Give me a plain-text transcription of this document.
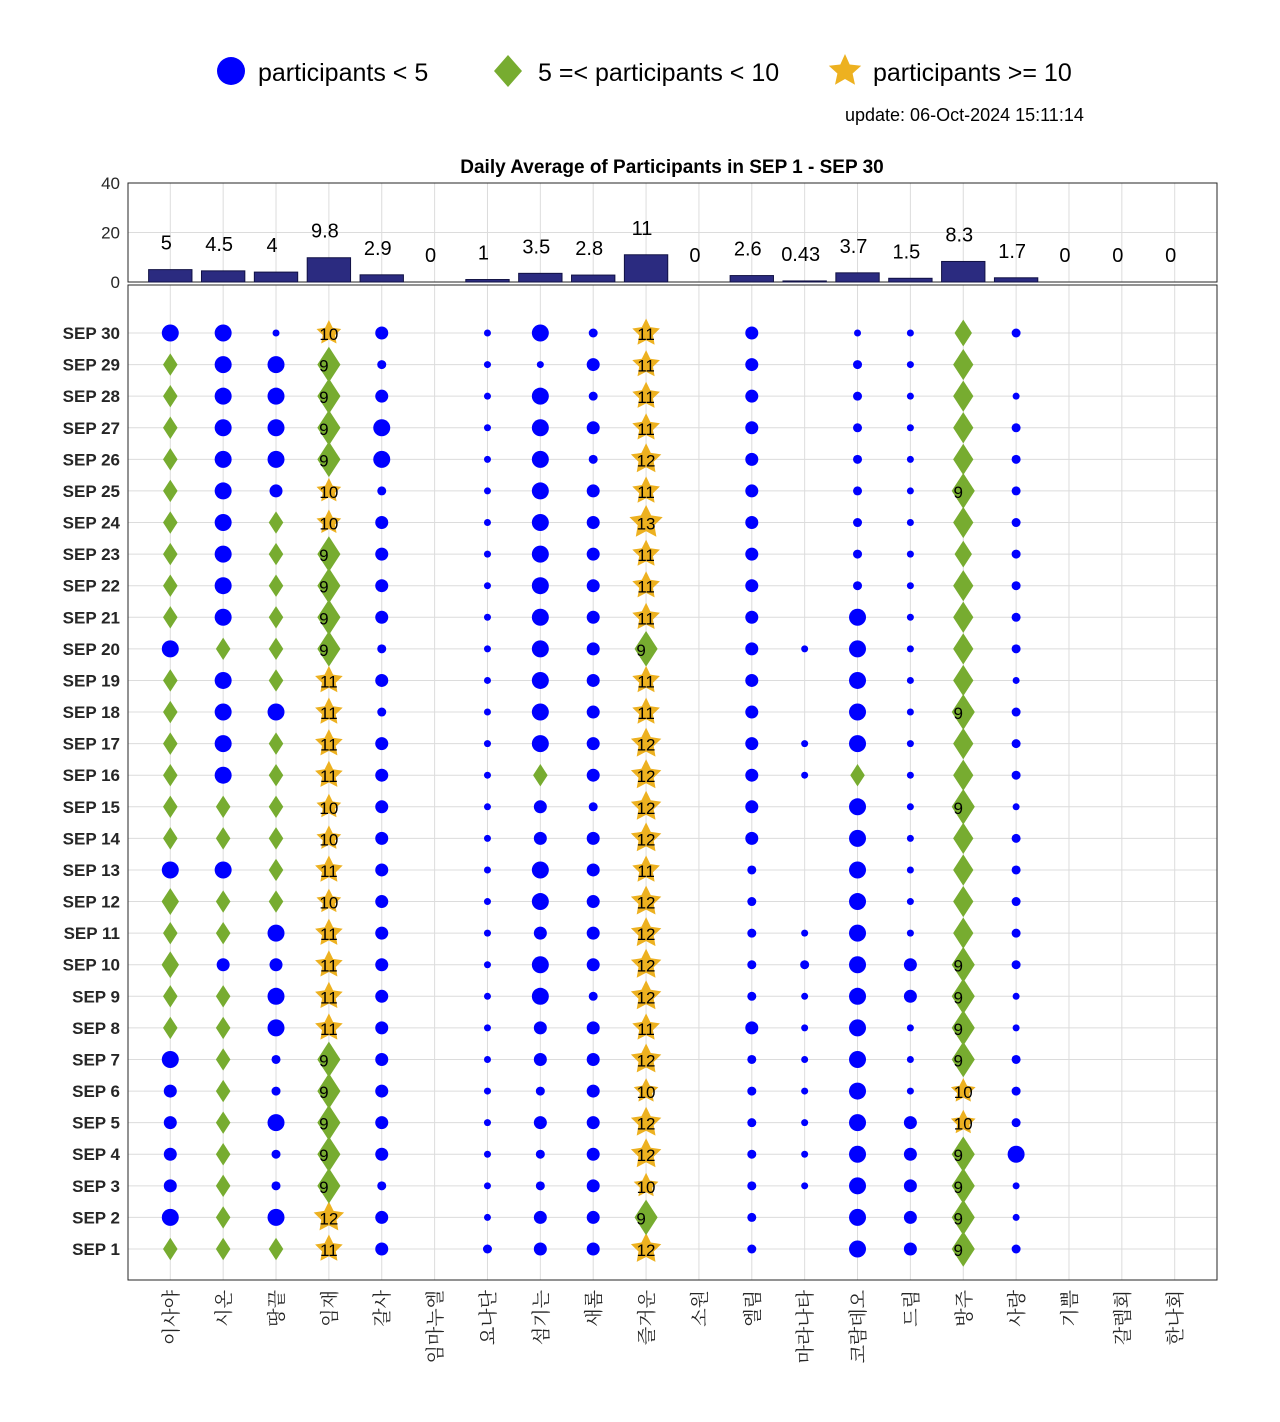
participants < 5	5 =< participants < 10	participants >= 10
update: 06-Oct-2024 15:11:14
Daily Average of Participants in SEP 1 - SEP 30
0
20
40
5 4.5 4
9.8
2.9 0 1 3.5 2.8
11
0 2.6 0.43 3.7 1.5
8.3
1.7 0 0 0
SEP 1
SEP 2
SEP 3
SEP 4
SEP 5
SEP 6
SEP 7
SEP 8
SEP 9
SEP 10
SEP 11
SEP 12
SEP 13
SEP 14
SEP 15
SEP 16
SEP 17
SEP 18
SEP 19
SEP 20
SEP 21
SEP 22
SEP 23
SEP 24
SEP 25
SEP 26
SEP 27
SEP 28
SEP 29
SEP 30
이사야 시온 땅끝 임재 갈사 임마누엘 요나단 섬기는 새롬 즐거운 소원 엘림 마라나타 코람데오 드림 방주 사랑 기쁨 갈렙회 한나회
11
12
9
9
9
9
9
11
11
11
11
10
11
10
10
11
11
11
11
9
9
9
9
10
10
9
9
9
9
10
12
9
10
12
12
10
12
11
12
12
12
12
11
12
12
12
12
11
11
9
11
11
11
13
11
12
11
11
11
11
9
9
9
9
10
10
9
9
9
9
9
9
9
